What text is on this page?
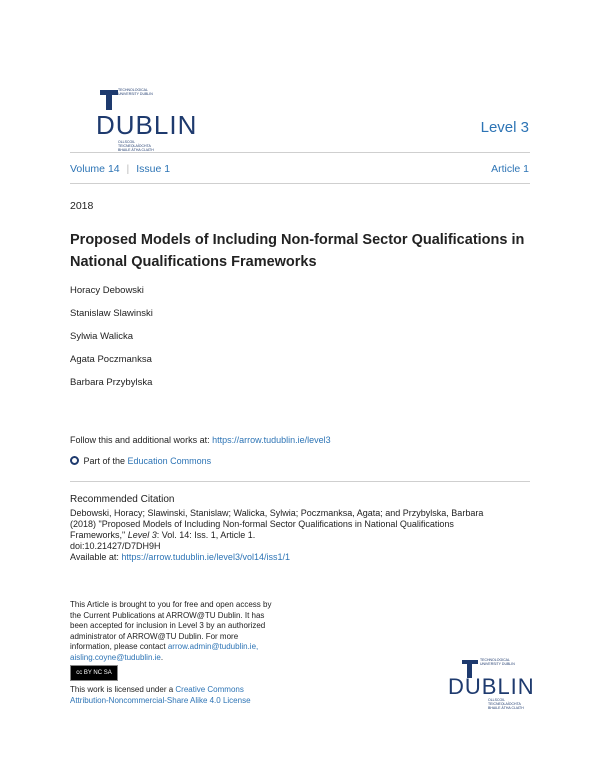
TECHNOLOGICAL UNIVERSITY DUBLIN
DUBLIN
OLLSCOIL TEICNEOLAÍOCHTA BHAILE ÁTHA CLIATH
Level 3
Volume 14 | Issue 1	Article 1
2018
Proposed Models of Including Non-formal Sector Qualifications in
National Qualifications Frameworks
Horacy Debowski
Stanislaw Slawinski
Sylwia Walicka
Agata Poczmanksa
Barbara Przybylska
Follow this and additional works at: https://arrow.tudublin.ie/level3
Part of the Education Commons
Recommended Citation
Debowski, Horacy; Slawinski, Stanislaw; Walicka, Sylwia; Poczmanksa, Agata; and Przybylska, Barbara
(2018) "Proposed Models of Including Non-formal Sector Qualifications in National Qualifications
Frameworks," Level 3: Vol. 14: Iss. 1, Article 1.
doi:10.21427/D7DH9H
Available at: https://arrow.tudublin.ie/level3/vol14/iss1/1
This Article is brought to you for free and open access by
the Current Publications at ARROW@TU Dublin. It has
been accepted for inclusion in Level 3 by an authorized
administrator of ARROW@TU Dublin. For more
information, please contact arrow.admin@tudublin.ie,
aisling.coyne@tudublin.ie.
cc BY NC SA
This work is licensed under a Creative Commons
Attribution-Noncommercial-Share Alike 4.0 License
TECHNOLOGICAL UNIVERSITY DUBLIN
DUBLIN
OLLSCOIL TEICNEOLAÍOCHTA BHAILE ÁTHA CLIATH
